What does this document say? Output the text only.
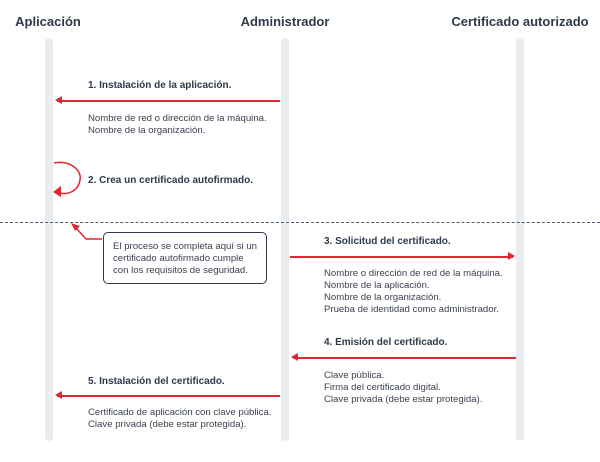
Aplicación	Administrador	Certificado autorizado
1. Instalación de la aplicación.
Nombre de red o dirección de la máquina.
Nombre de la organización.
2. Crea un certificado autofirmado.
El proceso se completa aquí si un
certificado autofirmado cumple
con los requisitos de seguridad.
3. Solicitud del certificado.
Nombre o dirección de red de la máquina.
Nombre de la aplicación.
Nombre de la organización.
Prueba de identidad como administrador.
4. Emisión del certificado.
Clave pública.
Firma del certificado digital.
Clave privada (debe estar protegida).
5. Instalación del certificado.
Certificado de aplicación con clave pública.
Clave privada (debe estar protegida).
